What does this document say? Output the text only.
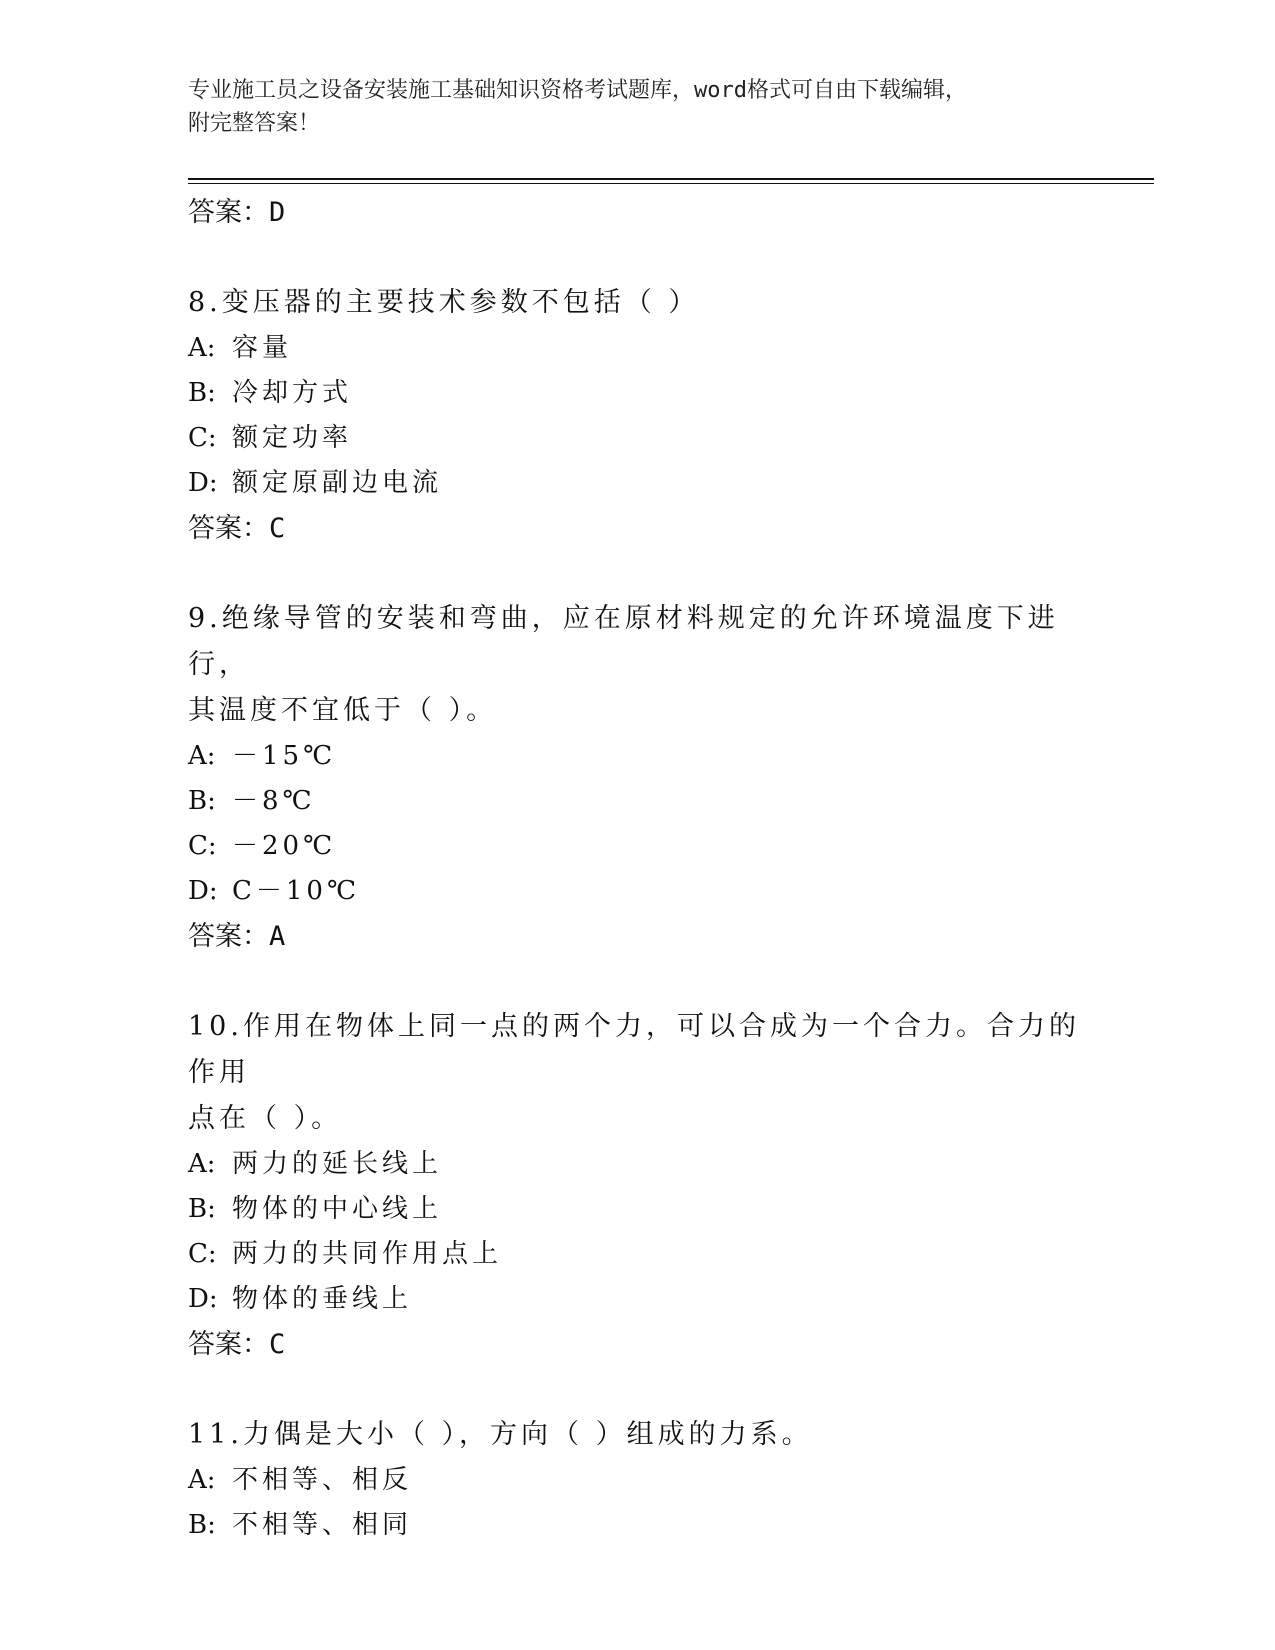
专业施工员之设备安装施工基础知识资格考试题库，word格式可自由下载编辑，
附完整答案！
答案：D
8.变压器的主要技术参数不包括（ ）
A: 容量
B: 冷却方式
C: 额定功率
D: 额定原副边电流
答案：C
9.绝缘导管的安装和弯曲，应在原材料规定的允许环境温度下进行，
其温度不宜低于（ ）。
A: －15℃
B: －8℃
C: －20℃
D: C－10℃
答案：A
10.作用在物体上同一点的两个力，可以合成为一个合力。合力的作用
点在（ ）。
A: 两力的延长线上
B: 物体的中心线上
C: 两力的共同作用点上
D: 物体的垂线上
答案：C
11.力偶是大小（ ），方向（ ）组成的力系。
A: 不相等、相反
B: 不相等、相同
